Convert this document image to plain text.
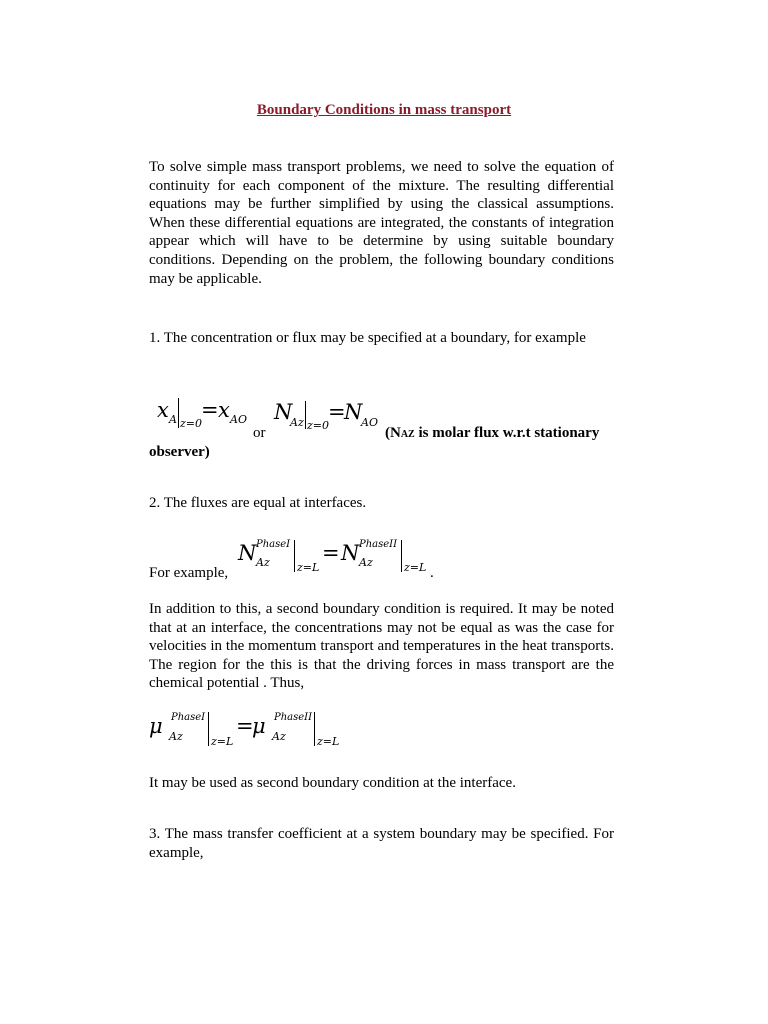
Boundary Conditions in mass transport

To solve simple mass transport problems, we need to solve the equation of continuity for each component of the mixture. The resulting differential equations may be further simplified by using the classical assumptions. When these differential equations are integrated, the constants of integration appear which will have to be determine by using suitable boundary conditions. Depending on the problem, the following boundary conditions may be applicable.

1. The concentration or flux may be specified at a boundary, for example

x A z=0
= x AO
or
N
Az z=0
=
N
AO
(NAZ is molar flux w.r.t stationary
observer)

2. The fluxes are equal at interfaces.

For example,
N PhaseI
Az z=L
= N PhaseII
Az	z=L .

In addition to this, a second boundary condition is required. It may be noted that at an interface, the concentrations may not be equal as was the case for velocities in the momentum transport and temperatures in the heat transports. The region for the this is that the driving forces in mass transport are the chemical potential . Thus,

μ PhaseI
Az	z=L
=
μ PhaseII
Az	z=L

It may be used as second boundary condition at the interface.

3. The mass transfer coefficient at a system boundary may be specified. For example,
